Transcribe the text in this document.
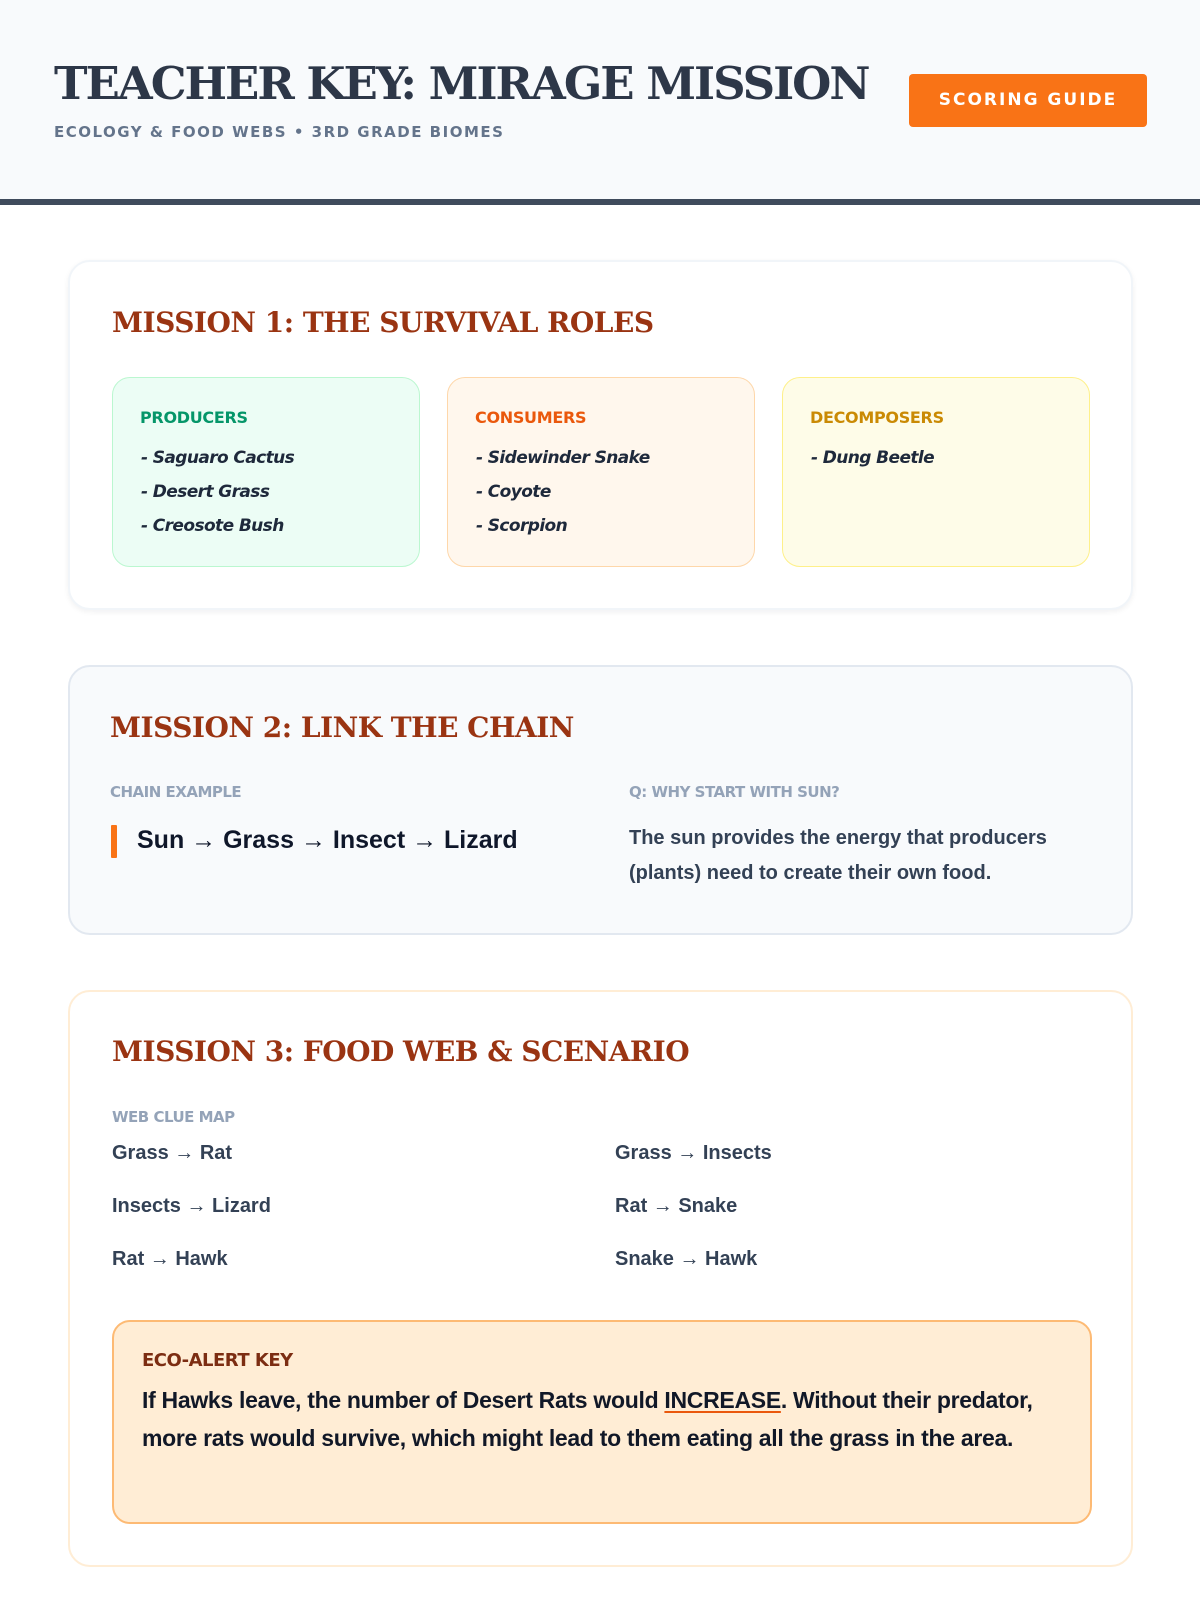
TEACHER KEY: MIRAGE MISSION
ECOLOGY & FOOD WEBS • 3RD GRADE BIOMES
SCORING GUIDE
MISSION 1: THE SURVIVAL ROLES
PRODUCERS
- Saguaro Cactus
- Desert Grass
- Creosote Bush
CONSUMERS
- Sidewinder Snake
- Coyote
- Scorpion
DECOMPOSERS
- Dung Beetle
MISSION 2: LINK THE CHAIN
CHAIN EXAMPLE
Sun → Grass → Insect → Lizard
Q: WHY START WITH SUN?
The sun provides the energy that producers (plants) need to create their own food.
MISSION 3: FOOD WEB & SCENARIO
WEB CLUE MAP
Grass → Rat	Grass → Insects
Insects → Lizard	Rat → Snake
Rat → Hawk	Snake → Hawk
ECO-ALERT KEY
If Hawks leave, the number of Desert Rats would INCREASE. Without their predator, more rats would survive, which might lead to them eating all the grass in the area.
